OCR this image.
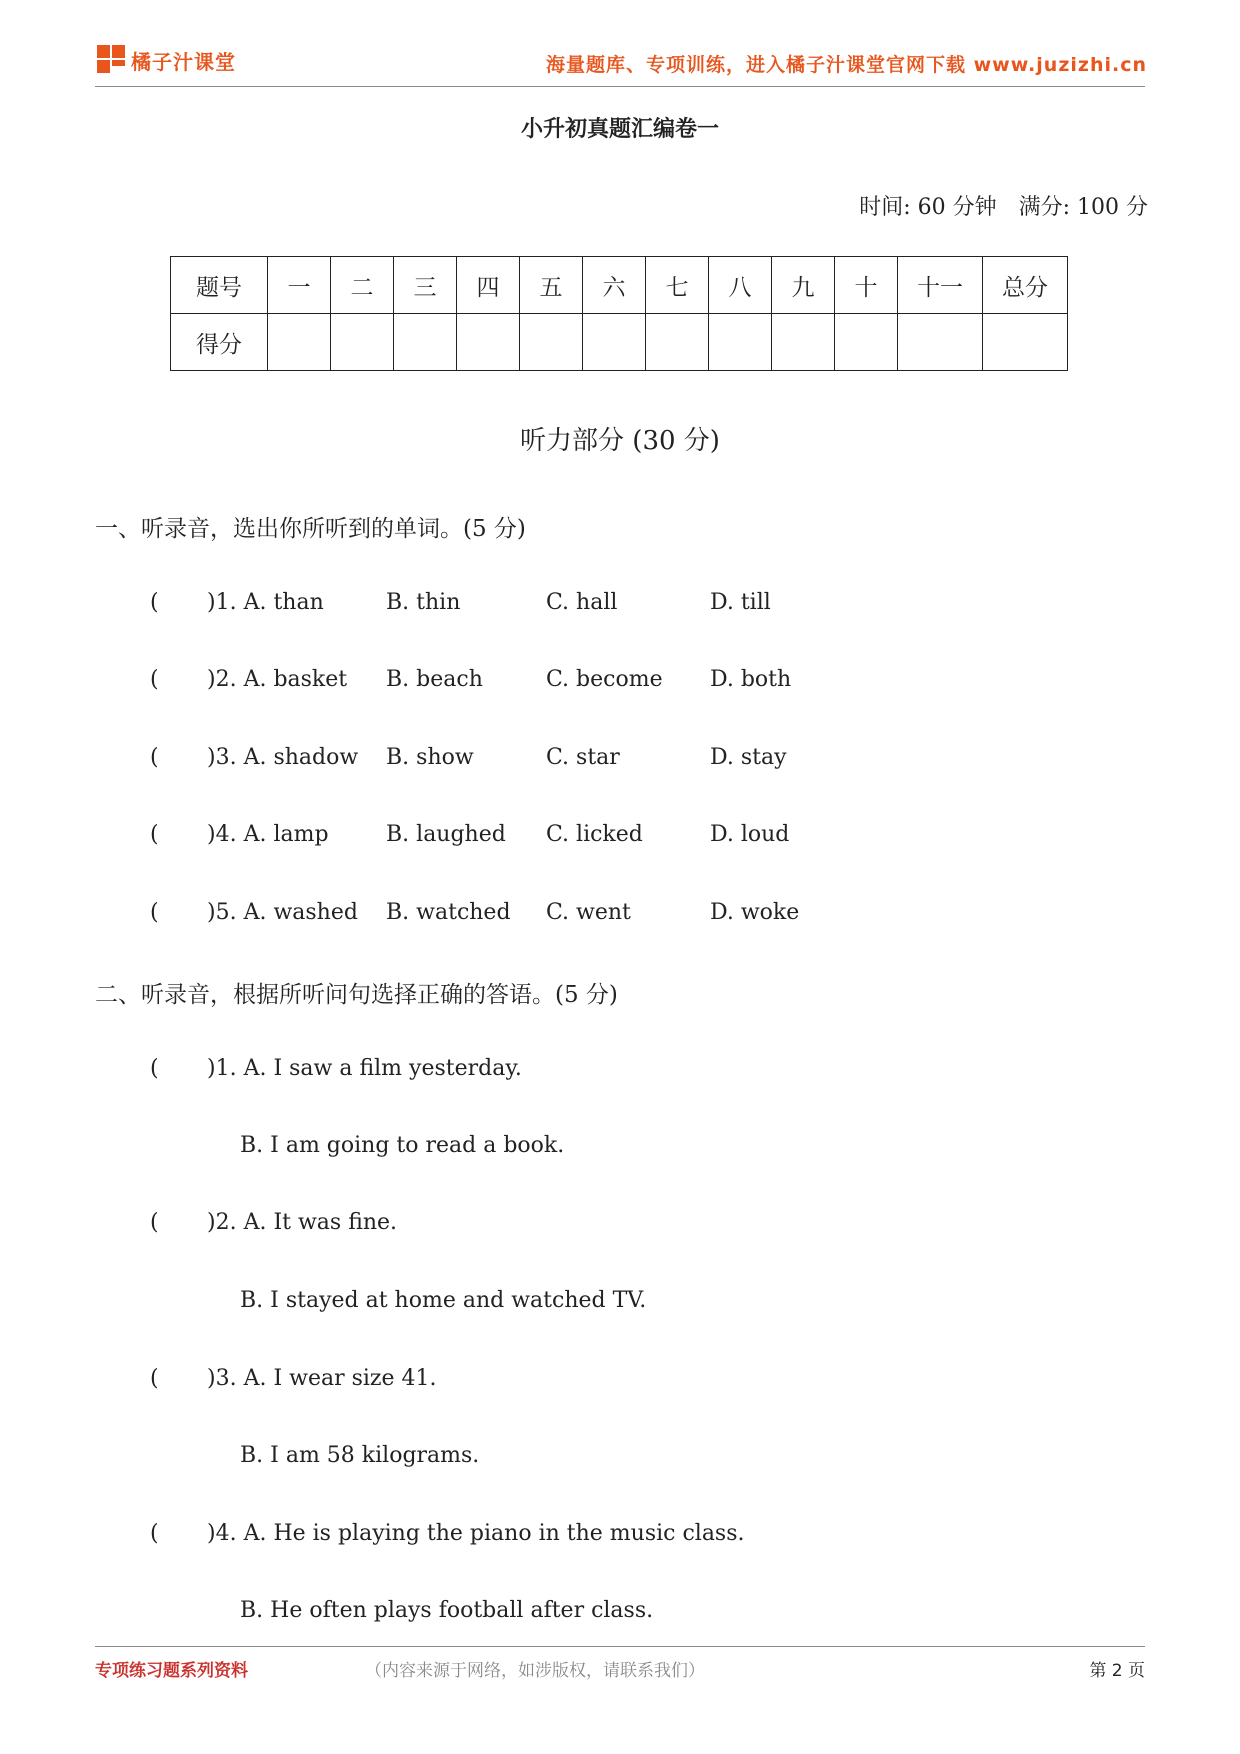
橘子汁课堂	海量题库、专项训练，进入橘子汁课堂官网下载 www.juzizhi.cn
小升初真题汇编卷一
时间: 60 分钟 满分: 100 分
题号	一	二	三	四	五	六	七	八	九	十	十一	总分
得分												
听力部分 (30 分)
一、听录音，选出你所听到的单词。(5 分)
( )1. A. than	B. thin	C. hall	D. till
( )2. A. basket B. beach	C. become D. both
( )3. A. shadow B. show	C. star	D. stay
( )4. A. lamp	B. laughed C. licked	D. loud
( )5. A. washed B. watched C. went	D. woke
二、听录音，根据所听问句选择正确的答语。(5 分)
( )1. A. I saw a film yesterday.
B. I am going to read a book.
( )2. A. It was fine.
B. I stayed at home and watched TV.
( )3. A. I wear size 41.
B. I am 58 kilograms.
( )4. A. He is playing the piano in the music class.
B. He often plays football after class.
专项练习题系列资料	（内容来源于网络，如涉版权，请联系我们）	第 2 页
